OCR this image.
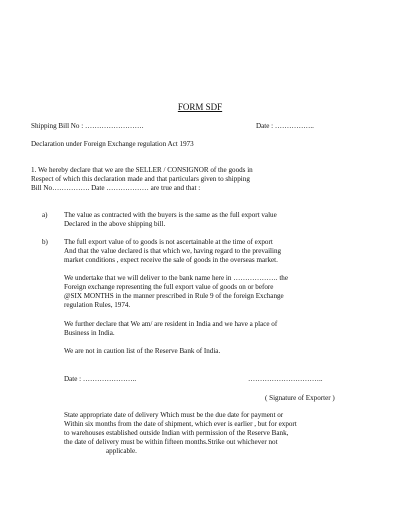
FORM SDF
Shipping Bill No : …………………….	Date : ……………..
Declaration under Foreign Exchange regulation Act 1973
1. We hereby declare that we are the SELLER / CONSIGNOR of the goods in
Respect of which this declaration made and that particulars given to shipping
Bill No……………. Date ……………… are true and that :
a) The value as contracted with the buyers is the same as the full export value
Declared in the above shipping bill.
b) The full export value of to goods is not ascertainable at the time of export
And that the value declared is that which we, having regard to the prevailing
market conditions , expect receive the sale of goods in the overseas market.
We undertake that we will deliver to the bank name here in ………………. the
Foreign exchange representing the full export value of goods on or before
@SIX MONTHS in the manner prescribed in Rule 9 of the foreign Exchange
regulation Rules, 1974.
We further declare that We am/ are resident in India and we have a place of
Business in India.
We are not in caution list of the Reserve Bank of India.
Date : …………………..	…………………………..
( Signature of Exporter )
State appropriate date of delivery Which must be the due date for payment or
Within six months from the date of shipment, which ever is earlier , but for export
to warehouses established outside Indian with permission of the Reserve Bank,
the date of delivery must be within fifteen months.Strike out whichever not
applicable.
